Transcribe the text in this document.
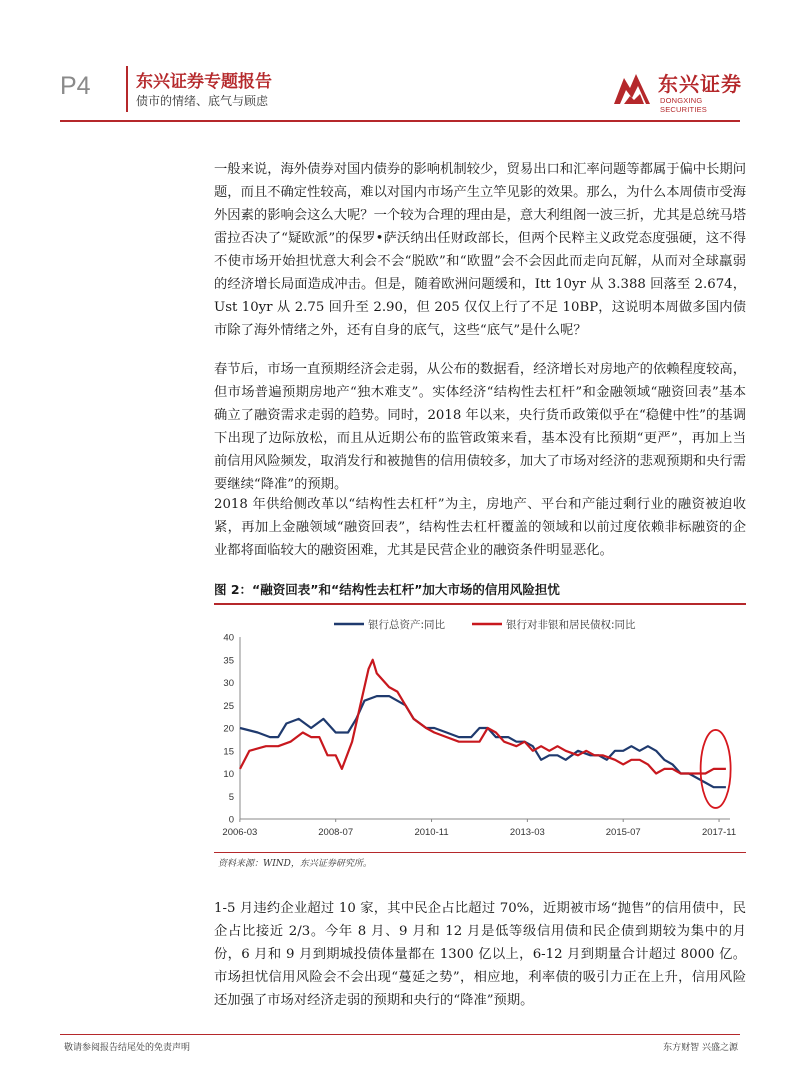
P4	东兴证券专题报告
债市的情绪、底气与顾虑
东兴证券
DONGXING SECURITIES

一般来说，海外债券对国内债券的影响机制较少，贸易出口和汇率问题等都属于偏中长期问题，而且不确定性较高，难以对国内市场产生立竿见影的效果。那么，为什么本周债市受海外因素的影响会这么大呢？一个较为合理的理由是，意大利组阁一波三折，尤其是总统马塔雷拉否决了“疑欧派”的保罗•萨沃纳出任财政部长，但两个民粹主义政党态度强硬，这不得不使市场开始担忧意大利会不会“脱欧”和“欧盟”会不会因此而走向瓦解，从而对全球羸弱的经济增长局面造成冲击。但是，随着欧洲问题缓和，Itt 10yr 从 3.388 回落至 2.674，Ust 10yr 从 2.75 回升至 2.90，但 205 仅仅上行了不足 10BP，这说明本周做多国内债市除了海外情绪之外，还有自身的底气，这些“底气”是什么呢？

春节后，市场一直预期经济会走弱，从公布的数据看，经济增长对房地产的依赖程度较高，但市场普遍预期房地产“独木难支”。实体经济“结构性去杠杆”和金融领域“融资回表”基本确立了融资需求走弱的趋势。同时，2018 年以来，央行货币政策似乎在“稳健中性”的基调下出现了边际放松，而且从近期公布的监管政策来看，基本没有比预期“更严”，再加上当前信用风险频发，取消发行和被抛售的信用债较多，加大了市场对经济的悲观预期和央行需要继续“降准”的预期。

2018 年供给侧改革以“结构性去杠杆”为主，房地产、平台和产能过剩行业的融资被迫收紧，再加上金融领域“融资回表”，结构性去杠杆覆盖的领域和以前过度依赖非标融资的企业都将面临较大的融资困难，尤其是民营企业的融资条件明显恶化。

图 2：“融资回表”和“结构性去杠杆”加大市场的信用风险担忧
0
5
10
15
20
25
30
35
40
2006-03	2008-07	2010-11	2013-03	2015-07	2017-11
银行总资产:同比	银行对非银和居民债权:同比
资料来源：WIND，东兴证券研究所。

1-5 月违约企业超过 10 家，其中民企占比超过 70%，近期被市场“抛售”的信用债中，民企占比接近 2/3。今年 8 月、9 月和 12 月是低等级信用债和民企债到期较为集中的月份，6 月和 9 月到期城投债体量都在 1300 亿以上，6-12 月到期量合计超过 8000 亿。市场担忧信用风险会不会出现“蔓延之势”，相应地，利率债的吸引力正在上升，信用风险还加强了市场对经济走弱的预期和央行的“降准”预期。

敬请参阅报告结尾处的免责声明	东方财智 兴盛之源
